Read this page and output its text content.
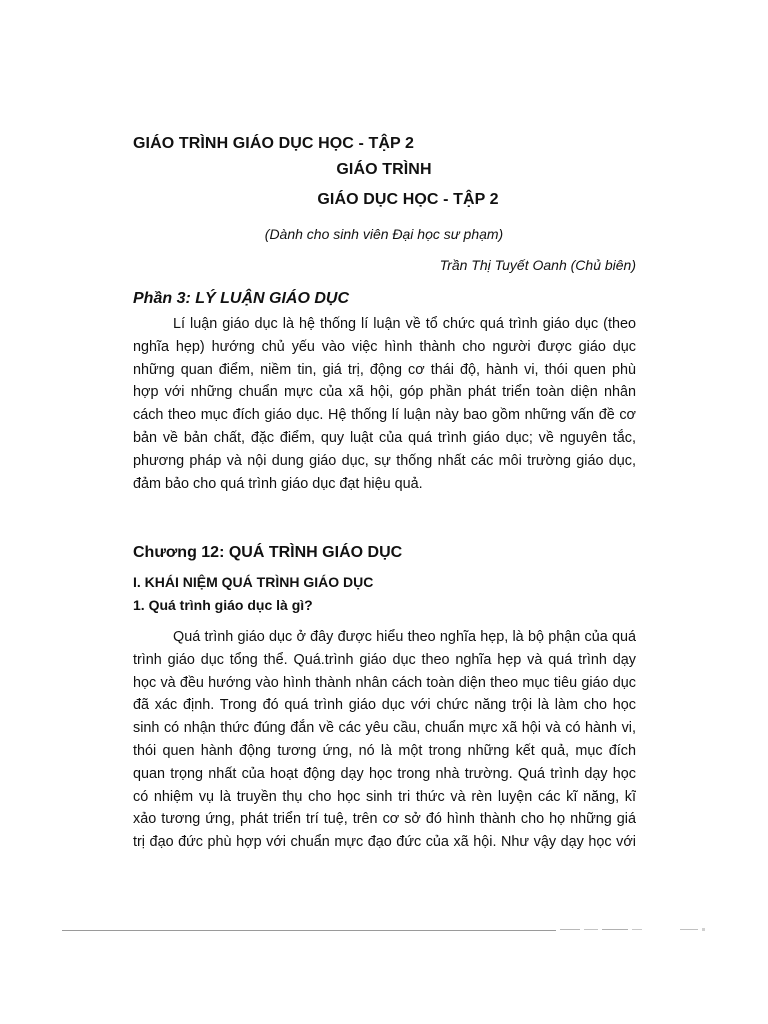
GIÁO TRÌNH GIÁO DỤC HỌC - TẬP 2
GIÁO TRÌNH
GIÁO DỤC HỌC - TẬP 2
(Dành cho sinh viên Đại học sư phạm)
Trần Thị Tuyết Oanh (Chủ biên)
Phần 3: LÝ LUẬN GIÁO DỤC
Lí luận giáo dục là hệ thống lí luận về tổ chức quá trình giáo dục (theo
nghĩa hẹp) hướng chủ yếu vào việc hình thành cho người được giáo dục
những quan điểm, niềm tin, giá trị, động cơ thái độ, hành vi, thói quen phù
hợp với những chuẩn mực của xã hội, góp phần phát triển toàn diện nhân
cách theo mục đích giáo dục. Hệ thống lí luận này bao gồm những vấn đề cơ
bản về bản chất, đặc điểm, quy luật của quá trình giáo dục; về nguyên tắc,
phương pháp và nội dung giáo dục, sự thống nhất các môi trường giáo dục,
đảm bảo cho quá trình giáo dục đạt hiệu quả.
Chương 12: QUÁ TRÌNH GIÁO DỤC
I. KHÁI NIỆM QUÁ TRÌNH GIÁO DỤC
1. Quá trình giáo dục là gì?
Quá trình giáo dục ở đây được hiểu theo nghĩa hẹp, là bộ phận của quá
trình giáo dục tổng thể. Quá.trình giáo dục theo nghĩa hẹp và quá trình dạy
học và đều hướng vào hình thành nhân cách toàn diện theo mục tiêu giáo dục
đã xác định. Trong đó quá trình giáo dục với chức năng trội là làm cho học
sinh có nhận thức đúng đắn về các yêu cầu, chuẩn mực xã hội và có hành vi,
thói quen hành động tương ứng, nó là một trong những kết quả, mục đích
quan trọng nhất của hoạt động dạy học trong nhà trường. Quá trình dạy học
có nhiệm vụ là truyền thụ cho học sinh tri thức và rèn luyện các kĩ năng, kĩ
xảo tương ứng, phát triển trí tuệ, trên cơ sở đó hình thành cho họ những giá
trị đạo đức phù hợp với chuẩn mực đạo đức của xã hội. Như vậy dạy học với
